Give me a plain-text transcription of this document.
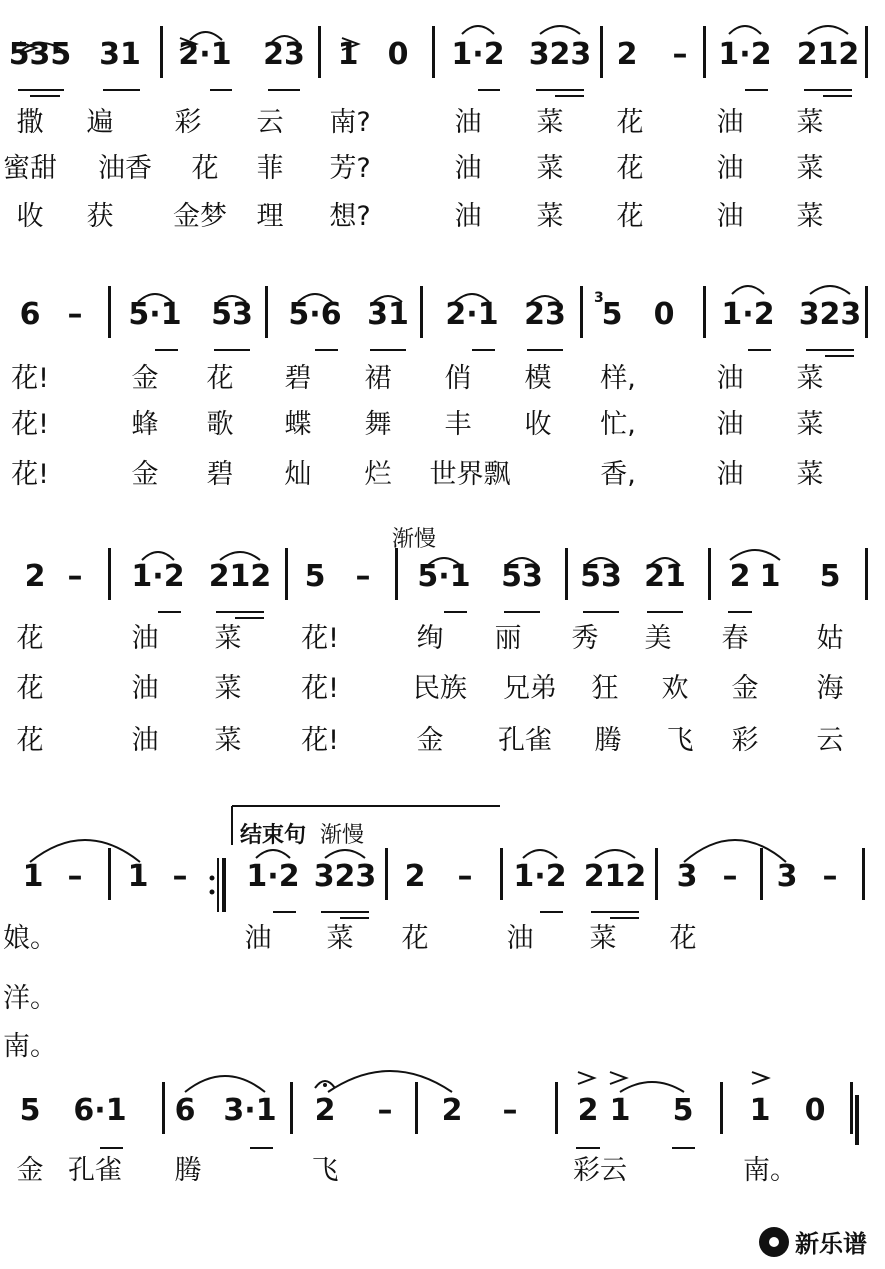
535 31 2·1 23 1 0 1·2 323 2 – 1·2 212
撒 遍 彩 云 南?	油 菜 花	油 菜
蜜甜 油香 花 菲 芳?	油 菜 花	油 菜
收 获 金梦 理 想?	油 菜 花	油 菜
6 – 5·1 53 5·6 31 2·1 23 5 0 1·2 323
花!	金 花 碧 裙 俏 模 样,	油 菜
花!	蜂 歌 蝶 舞 丰 收 忙,	油 菜
花!	金 碧 灿 烂 世界飘	香,	油 菜
2 – 1·2 212 5 – 5·1 53 53 21 2 1 5
花	油 菜 花!	绚 丽 秀 美 春	姑
花	油 菜 花!	民族 兄弟 狂 欢 金 海
花	油 菜 花!	金 孔雀 腾 飞 彩 云
1 – 1 – 1·2 323 2 – 1·2 212 3 – 3 –
娘。	油 菜 花	油 菜 花
洋。
南。
5 6·1 6 3·1 2 – 2 – 2 1 5 1 0
金 孔雀 腾	飞	彩云	南。
渐慢
结束句 渐慢
3
新乐谱
